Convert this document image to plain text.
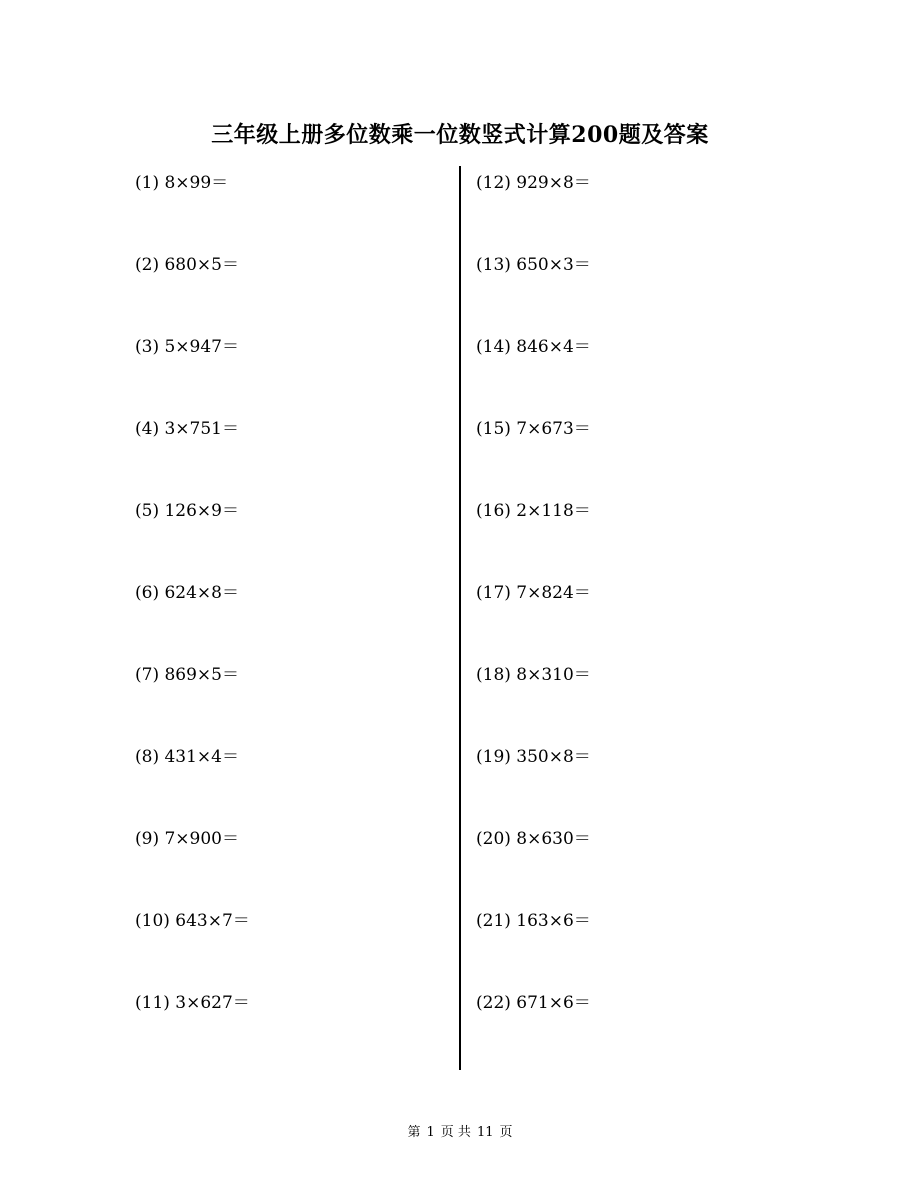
三年级上册多位数乘一位数竖式计算200题及答案
(1) 8×99＝
(2) 680×5＝
(3) 5×947＝
(4) 3×751＝
(5) 126×9＝
(6) 624×8＝
(7) 869×5＝
(8) 431×4＝
(9) 7×900＝
(10) 643×7＝
(11) 3×627＝
(12) 929×8＝
(13) 650×3＝
(14) 846×4＝
(15) 7×673＝
(16) 2×118＝
(17) 7×824＝
(18) 8×310＝
(19) 350×8＝
(20) 8×630＝
(21) 163×6＝
(22) 671×6＝
第 1 页 共 11 页
